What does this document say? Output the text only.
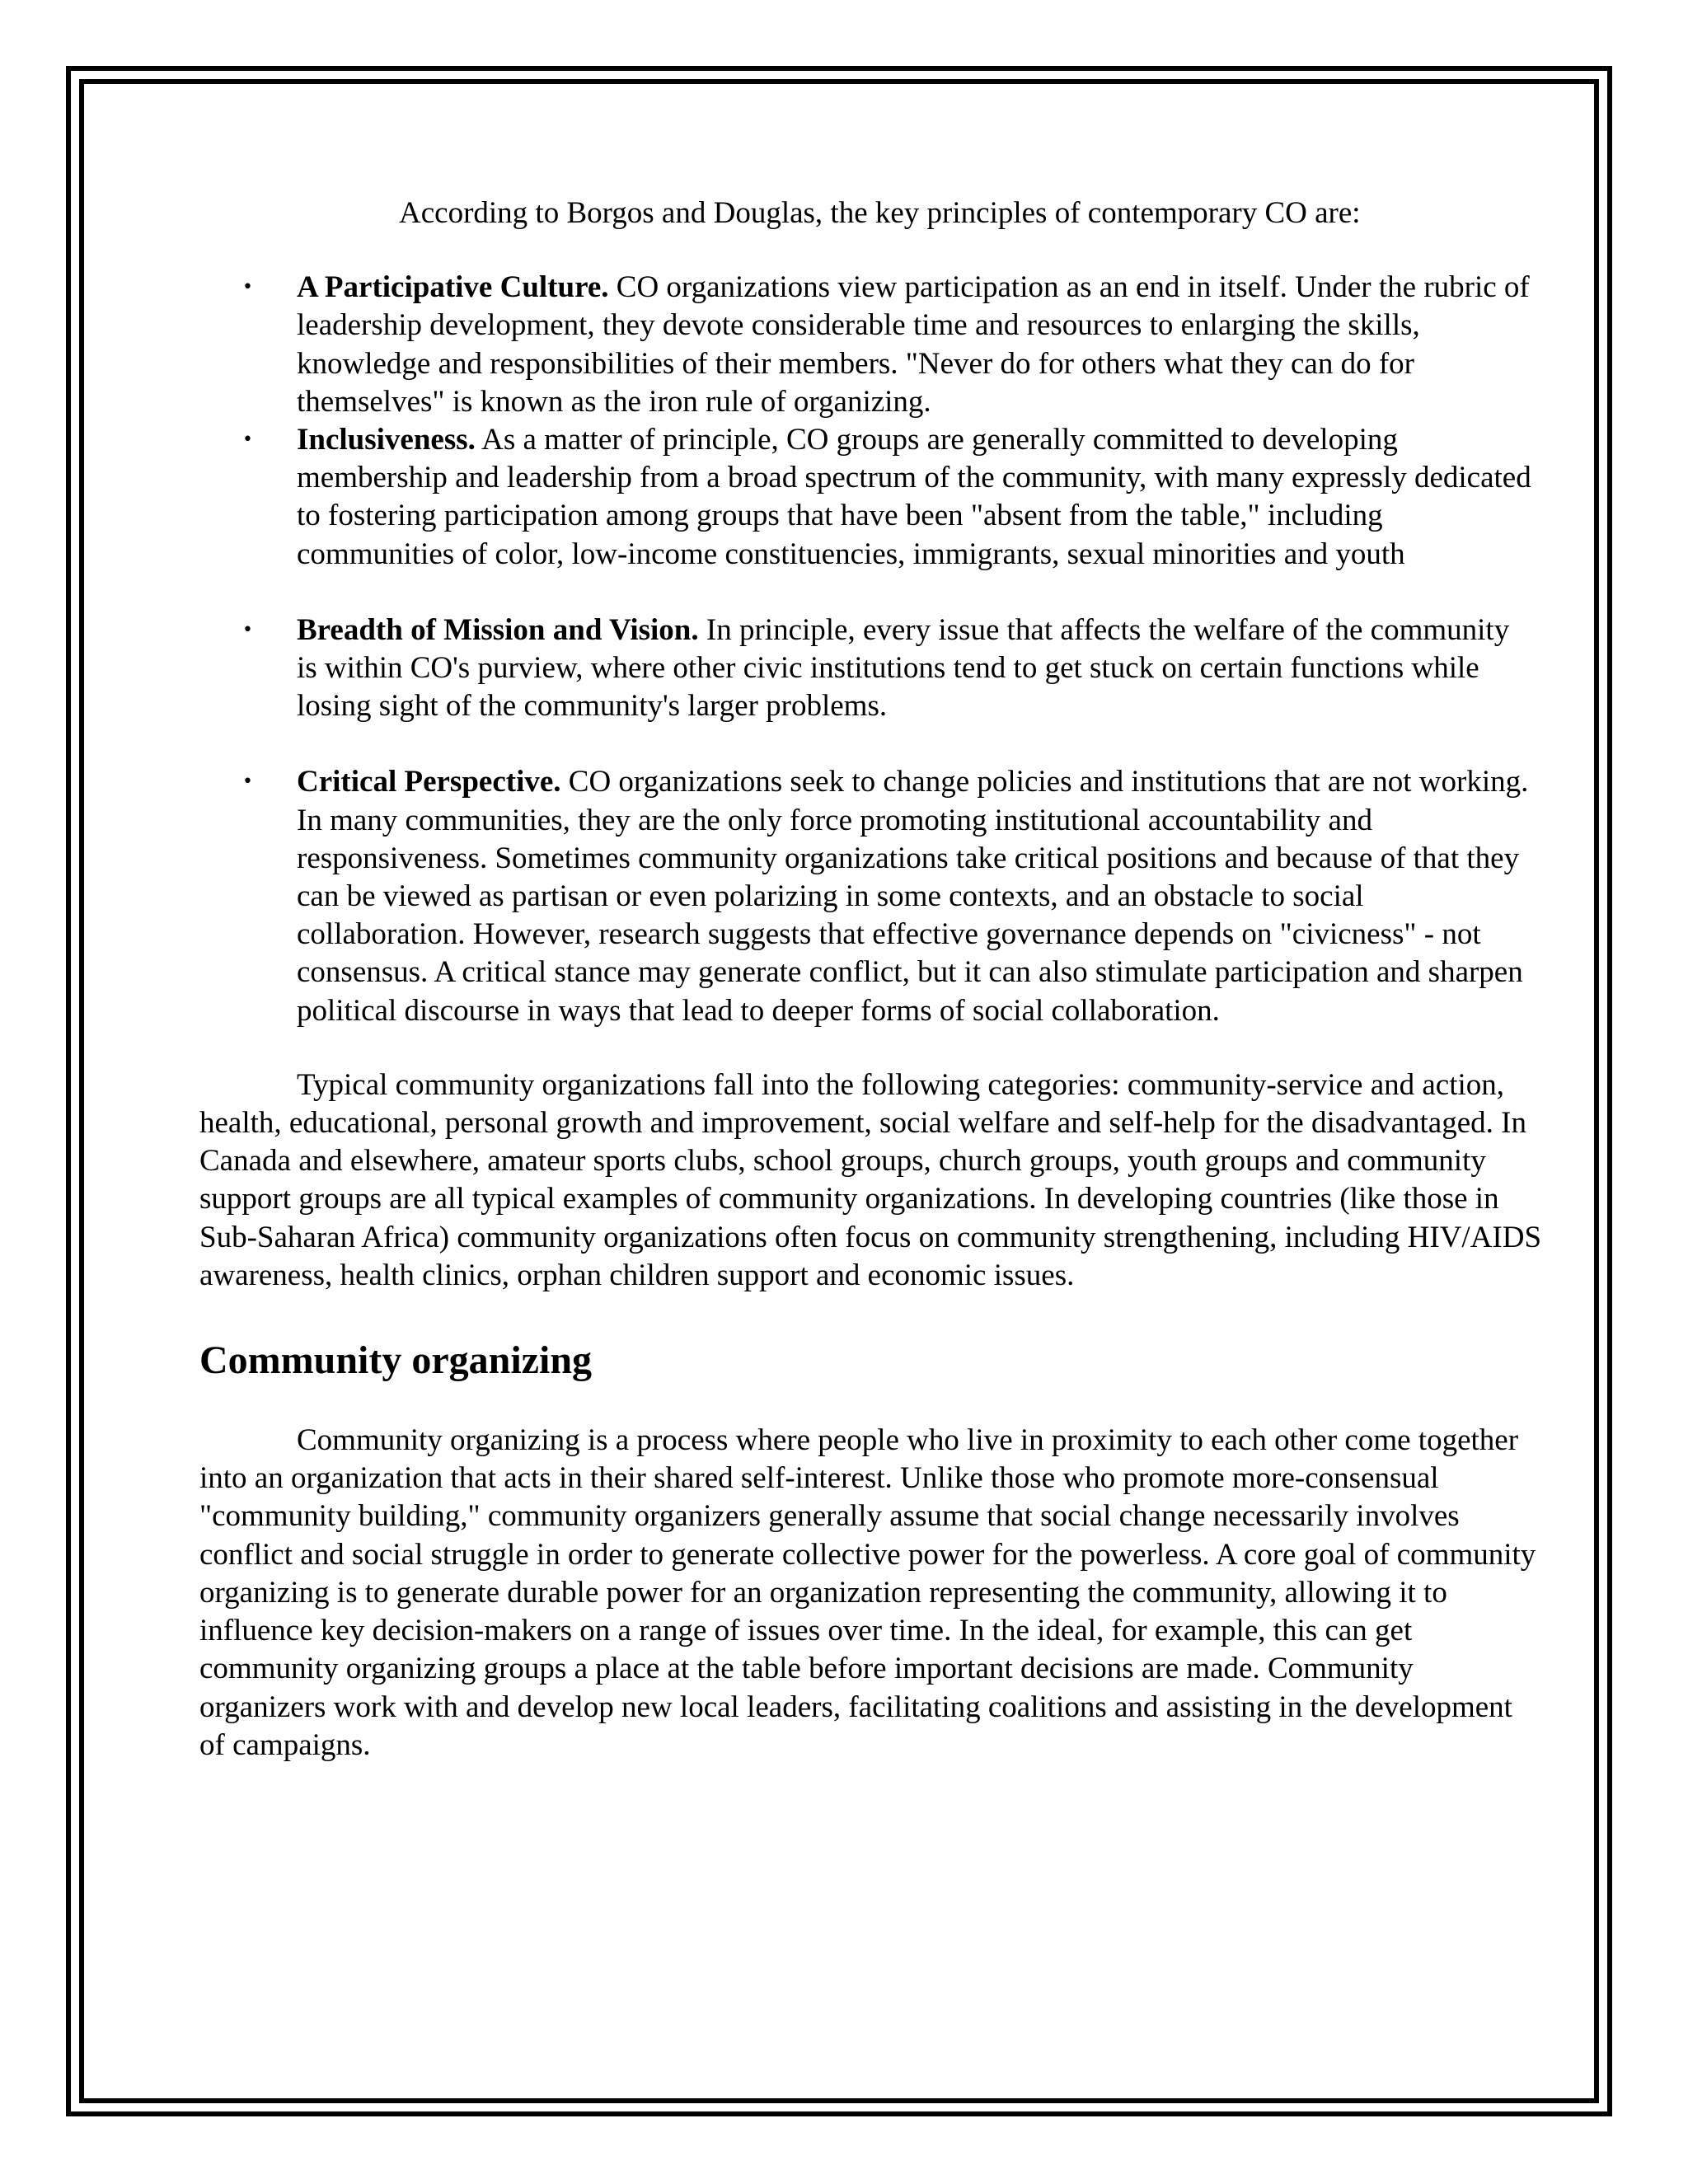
According to Borgos and Douglas, the key principles of contemporary CO are:

• A Participative Culture. CO organizations view participation as an end in itself. Under the rubric of leadership development, they devote considerable time and resources to enlarging the skills, knowledge and responsibilities of their members. "Never do for others what they can do for themselves" is known as the iron rule of organizing.
• Inclusiveness. As a matter of principle, CO groups are generally committed to developing membership and leadership from a broad spectrum of the community, with many expressly dedicated to fostering participation among groups that have been "absent from the table," including communities of color, low-income constituencies, immigrants, sexual minorities and youth
• Breadth of Mission and Vision. In principle, every issue that affects the welfare of the community is within CO's purview, where other civic institutions tend to get stuck on certain functions while losing sight of the community's larger problems.
• Critical Perspective. CO organizations seek to change policies and institutions that are not working. In many communities, they are the only force promoting institutional accountability and responsiveness. Sometimes community organizations take critical positions and because of that they can be viewed as partisan or even polarizing in some contexts, and an obstacle to social collaboration. However, research suggests that effective governance depends on "civicness" - not consensus. A critical stance may generate conflict, but it can also stimulate participation and sharpen political discourse in ways that lead to deeper forms of social collaboration.

Typical community organizations fall into the following categories: community-service and action, health, educational, personal growth and improvement, social welfare and self-help for the disadvantaged. In Canada and elsewhere, amateur sports clubs, school groups, church groups, youth groups and community support groups are all typical examples of community organizations. In developing countries (like those in Sub-Saharan Africa) community organizations often focus on community strengthening, including HIV/AIDS awareness, health clinics, orphan children support and economic issues.

Community organizing

Community organizing is a process where people who live in proximity to each other come together into an organization that acts in their shared self-interest. Unlike those who promote more-consensual "community building," community organizers generally assume that social change necessarily involves conflict and social struggle in order to generate collective power for the powerless. A core goal of community organizing is to generate durable power for an organization representing the community, allowing it to influence key decision-makers on a range of issues over time. In the ideal, for example, this can get community organizing groups a place at the table before important decisions are made. Community organizers work with and develop new local leaders, facilitating coalitions and assisting in the development of campaigns.
